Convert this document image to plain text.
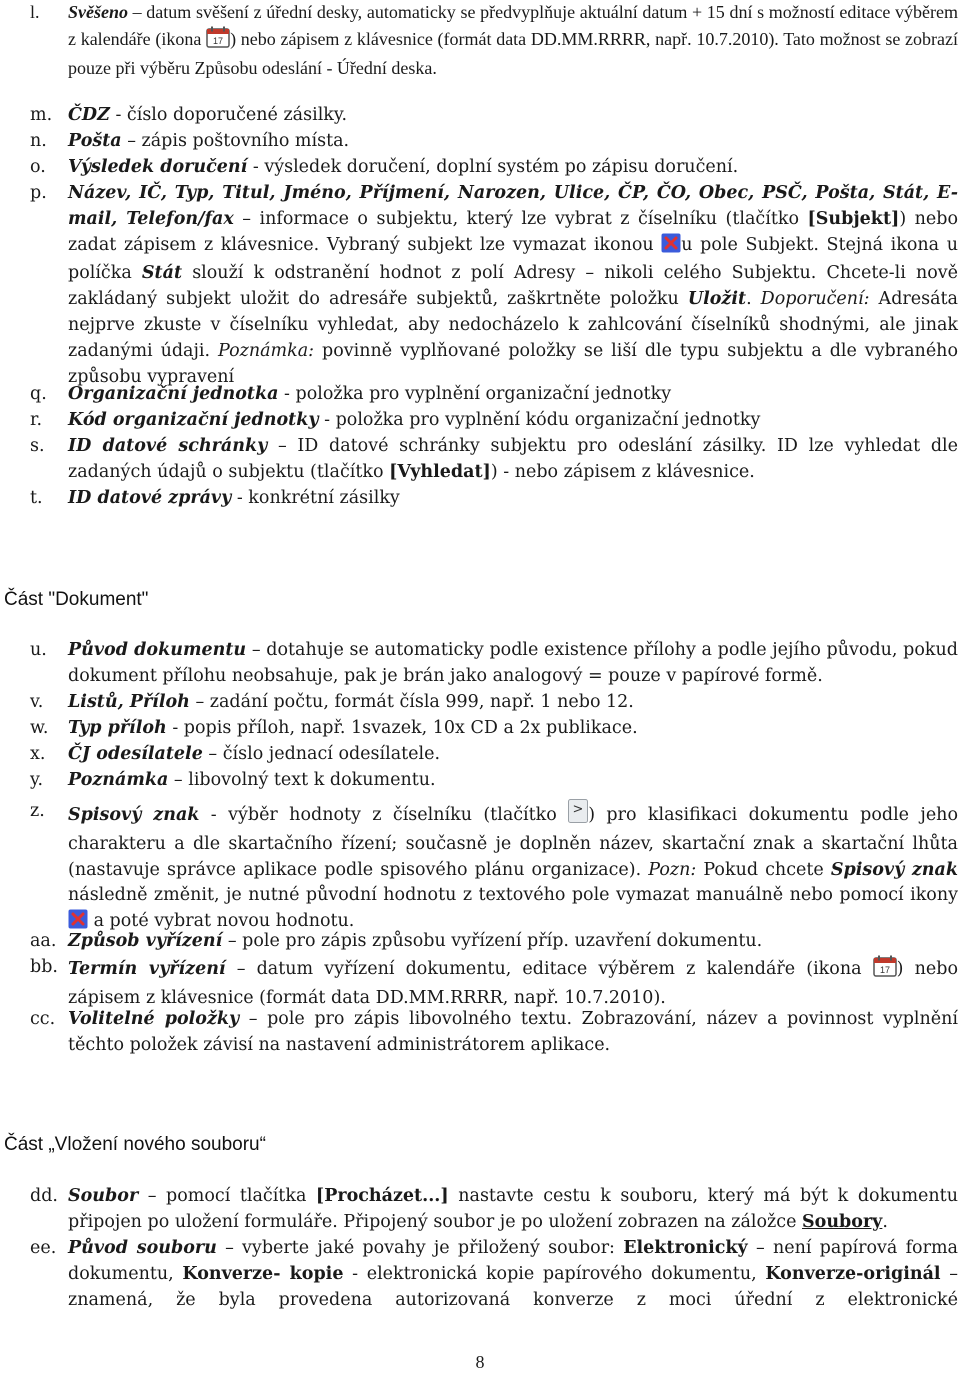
l.	Svěšeno – datum svěšení z úřední desky, automaticky se předvyplňuje aktuální datum + 15 dní s možností editace výběrem z kalendáře (ikona 17 ) nebo zápisem z klávesnice (formát data DD.MM.RRRR, např. 10.7.2010). Tato možnost se zobrazí pouze při výběru Způsobu odeslání - Úřední deska.
m. ČDZ - číslo doporučené zásilky.
n.	Pošta – zápis poštovního místa.
o.	Výsledek doručení - výsledek doručení, doplní systém po zápisu doručení.
p.	Název, IČ, Typ, Titul, Jméno, Příjmení, Narozen, Ulice, ČP, ČO, Obec, PSČ, Pošta, Stát, E-mail, Telefon/fax – informace o subjektu, který lze vybrat z číselníku (tlačítko [Subjekt]) nebo zadat zápisem z klávesnice. Vybraný subjekt lze vymazat ikonou u pole Subjekt. Stejná ikona u políčka Stát slouží k odstranění hodnot z polí Adresy – nikoli celého Subjektu. Chcete-li nově zakládaný subjekt uložit do adresáře subjektů, zaškrtněte položku Uložit. Doporučení: Adresáta nejprve zkuste v číselníku vyhledat, aby nedocházelo k zahlcování číselníků shodnými, ale jinak zadanými údaji. Poznámka: povinně vyplňované položky se liší dle typu subjektu a dle vybraného způsobu vypravení
q.	Organizační jednotka - položka pro vyplnění organizační jednotky
r.	Kód organizační jednotky - položka pro vyplnění kódu organizační jednotky
s.	ID datové schránky – ID datové schránky subjektu pro odeslání zásilky. ID lze vyhledat dle zadaných údajů o subjektu (tlačítko [Vyhledat]) - nebo zápisem z klávesnice.
t.	ID datové zprávy - konkrétní zásilky
Část "Dokument"
u.	Původ dokumentu – dotahuje se automaticky podle existence přílohy a podle jejího původu, pokud dokument přílohu neobsahuje, pak je brán jako analogový = pouze v papírové formě.
v.	Listů, Příloh – zadání počtu, formát čísla 999, např. 1 nebo 12.
w.	Typ příloh - popis příloh, např. 1svazek, 10x CD a 2x publikace.
x.	ČJ odesílatele – číslo jednací odesílatele.
y.	Poznámka – libovolný text k dokumentu.
z.	Spisový znak - výběr hodnoty z číselníku (tlačítko > ) pro klasifikaci dokumentu podle jeho charakteru a dle skartačního řízení; současně je doplněn název, skartační znak a skartační lhůta (nastavuje správce aplikace podle spisového plánu organizace). Pozn: Pokud chcete Spisový znak následně změnit, je nutné původní hodnotu z textového pole vymazat manuálně nebo pomocí ikony  a poté vybrat novou hodnotu.
aa. Způsob vyřízení – pole pro zápis způsobu vyřízení příp. uzavření dokumentu.
bb. Termín vyřízení – datum vyřízení dokumentu, editace výběrem z kalendáře (ikona 17 ) nebo zápisem z klávesnice (formát data DD.MM.RRRR, např. 10.7.2010).
cc. Volitelné položky – pole pro zápis libovolného textu. Zobrazování, název a povinnost vyplnění těchto položek závisí na nastavení administrátorem aplikace.
Část „Vložení nového souboru“
dd. Soubor – pomocí tlačítka [Procházet...] nastavte cestu k souboru, který má být k dokumentu připojen po uložení formuláře. Připojený soubor je po uložení zobrazen na záložce Soubory.
ee. Původ souboru – vyberte jaké povahy je přiložený soubor: Elektronický – není papírová forma dokumentu, Konverze- kopie - elektronická kopie papírového dokumentu, Konverze-originál – znamená, že byla provedena autorizovaná konverze z moci úřední z elektronické
8
